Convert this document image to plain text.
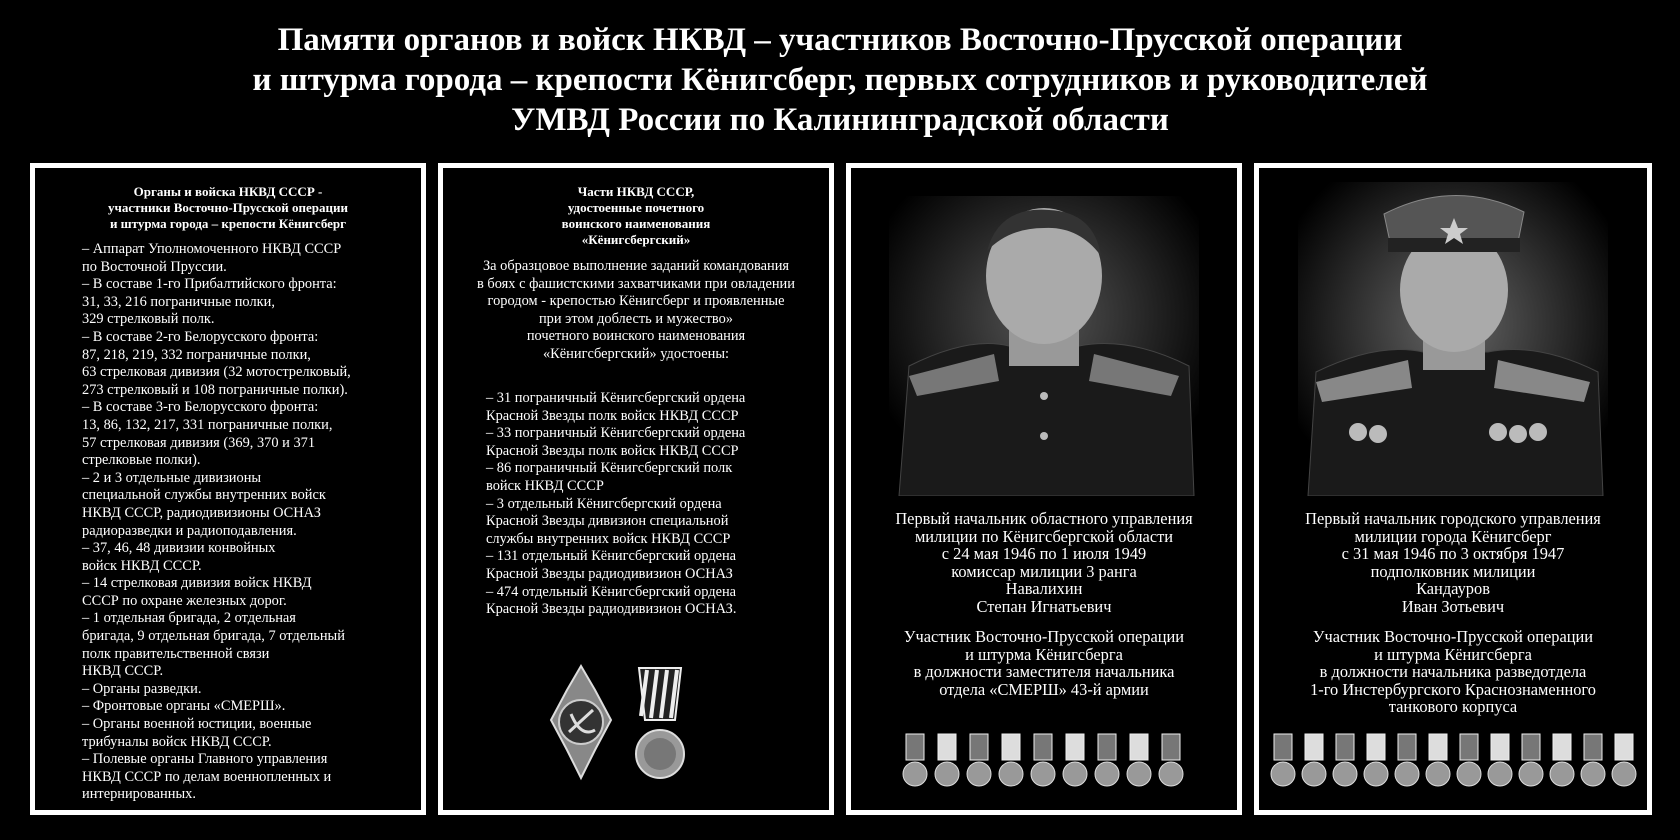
Памяти органов и войск НКВД – участников Восточно-Прусской операции
и штурма города – крепости Кёнигсберг, первых сотрудников и руководителей
УМВД России по Калининградской области
Органы и войска НКВД СССР -
участники Восточно-Прусской операции
и штурма города – крепости Кёнигсберг
– Аппарат Уполномоченного НКВД СССР
по Восточной Пруссии.
– В составе 1-го Прибалтийского фронта:
31, 33, 216 пограничные полки,
329 стрелковый полк.
– В составе 2-го Белорусского фронта:
87, 218, 219, 332 пограничные полки,
63 стрелковая дивизия (32 мотострелковый,
273 стрелковый и 108 пограничные полки).
– В составе 3-го Белорусского фронта:
13, 86, 132, 217, 331 пограничные полки,
57 стрелковая дивизия (369, 370 и 371
стрелковые полки).
– 2 и 3 отдельные дивизионы
специальной службы внутренних войск
НКВД СССР, радиодивизионы ОСНАЗ
радиоразведки и радиоподавления.
– 37, 46, 48 дивизии конвойных
войск НКВД СССР.
– 14 стрелковая дивизия войск НКВД
СССР по охране железных дорог.
– 1 отдельная бригада, 2 отдельная
бригада, 9 отдельная бригада, 7 отдельный
полк правительственной связи
НКВД СССР.
– Органы разведки.
– Фронтовые органы «СМЕРШ».
– Органы военной юстиции, военные
трибуналы войск НКВД СССР.
– Полевые органы Главного управления
НКВД СССР по делам военнопленных и
интернированных.
Части НКВД СССР,
удостоенные почетного
воинского наименования
«Кёнигсбергский»
За образцовое выполнение заданий командования
в боях с фашистскими захватчиками при овладении
городом - крепостью Кёнигсберг и проявленные
при этом доблесть и мужество»
почетного воинского наименования
«Кёнигсбергский» удостоены:
– 31 пограничный Кёнигсбергский ордена
Красной Звезды полк войск НКВД СССР
– 33 пограничный Кёнигсбергский ордена
Красной Звезды полк войск НКВД СССР
– 86 пограничный Кёнигсбергский полк
войск НКВД СССР
– 3 отдельный Кёнигсбергский ордена
Красной Звезды дивизион специальной
службы внутренних войск НКВД СССР
– 131 отдельный Кёнигсбергский ордена
Красной Звезды радиодивизион ОСНАЗ
– 474 отдельный Кёнигсбергский ордена
Красной Звезды радиодивизион ОСНАЗ.
Первый начальник областного управления
милиции по Кёнигсбергской области
с 24 мая 1946 по 1 июля 1949
комиссар милиции 3 ранга
Навалихин
Степан Игнатьевич
Участник Восточно-Прусской операции
и штурма Кёнигсберга
в должности заместителя начальника
отдела «СМЕРШ» 43-й армии
Первый начальник городского управления
милиции города Кёнигсберг
с 31 мая 1946 по 3 октября 1947
подполковник милиции
Кандауров
Иван Зотьевич
Участник Восточно-Прусской операции
и штурма Кёнигсберга
в должности начальника разведотдела
1-го Инстербургского Краснознаменного
танкового корпуса
